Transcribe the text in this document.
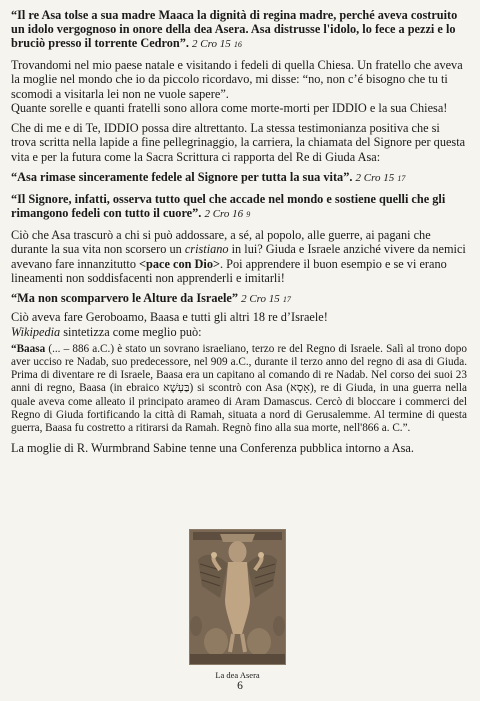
“Il re Asa tolse a sua madre Maaca la dignità di regina madre, perché aveva costruito un idolo vergognoso in onore della dea Asera. Asa distrusse l'idolo, lo fece a pezzi e lo bruciò presso il torrente Cedron”. 2 Cro 15 16

Trovandomi nel mio paese natale e visitando i fedeli di quella Chiesa. Un fratello che aveva la moglie nel mondo che io da piccolo ricordavo, mi disse: “no, non c’é bisogno che tu ti scomodi a visitarla lei non ne vuole sapere”.

Quante sorelle e quanti fratelli sono allora come morte-morti per IDDIO e la sua Chiesa!

Che di me e di Te, IDDIO possa dire altrettanto. La stessa testimonianza positiva che si trova scritta nella lapide a fine pellegrinaggio, la carriera, la chiamata del Signore per questa vita e per la futura come la Sacra Scrittura ci rapporta del Re di Giuda Asa:

“Asa rimase sinceramente fedele al Signore per tutta la sua vita”. 2 Cro 15 17

“Il Signore, infatti, osserva tutto quel che accade nel mondo e sostiene quelli che gli rimangono fedeli con tutto il cuore”. 2 Cro 16 9

Ciò che Asa trascurò a chi si può addossare, a sé, al popolo, alle guerre, ai pagani che durante la sua vita non scorsero un cristiano in lui? Giuda e Israele anziché vivere da nemici avevano fare innanzitutto <pace con Dio>. Poi apprendere il buon esempio e se vi erano lineamenti non soddisfacenti non apprenderli e imitarli!

“Ma non scomparvero le Alture da Israele” 2 Cro 15 17

Ciò aveva fare Geroboamo, Baasa e tutti gli altri 18 re d’Israele!

Wikipedia sintetizza come meglio può:

“Baasa (... – 886 a.C.) è stato un sovrano israeliano, terzo re del Regno di Israele. Salì al trono dopo aver ucciso re Nadab, suo predecessore, nel 909 a.C., durante il terzo anno del regno di asa di Giuda. Prima di diventare re di Israele, Baasa era un capitano al comando di re Nadab. Nel corso dei suoi 23 anni di regno, Baasa (in ebraico בַּעְשָׁא) si scontrò con Asa (אָסָא), re di Giuda, in una guerra nella quale aveva come alleato il principato arameo di Aram Damascus. Cercò di bloccare i commerci del Regno di Giuda fortificando la città di Ramah, situata a nord di Gerusalemme. Al termine di questa guerra, Baasa fu costretto a ritirarsi da Ramah. Regnò fino alla sua morte, nell'866 a. C.”.

La moglie di R. Wurmbrand Sabine tenne una Conferenza pubblica intorno a Asa.

La dea Asera
6
